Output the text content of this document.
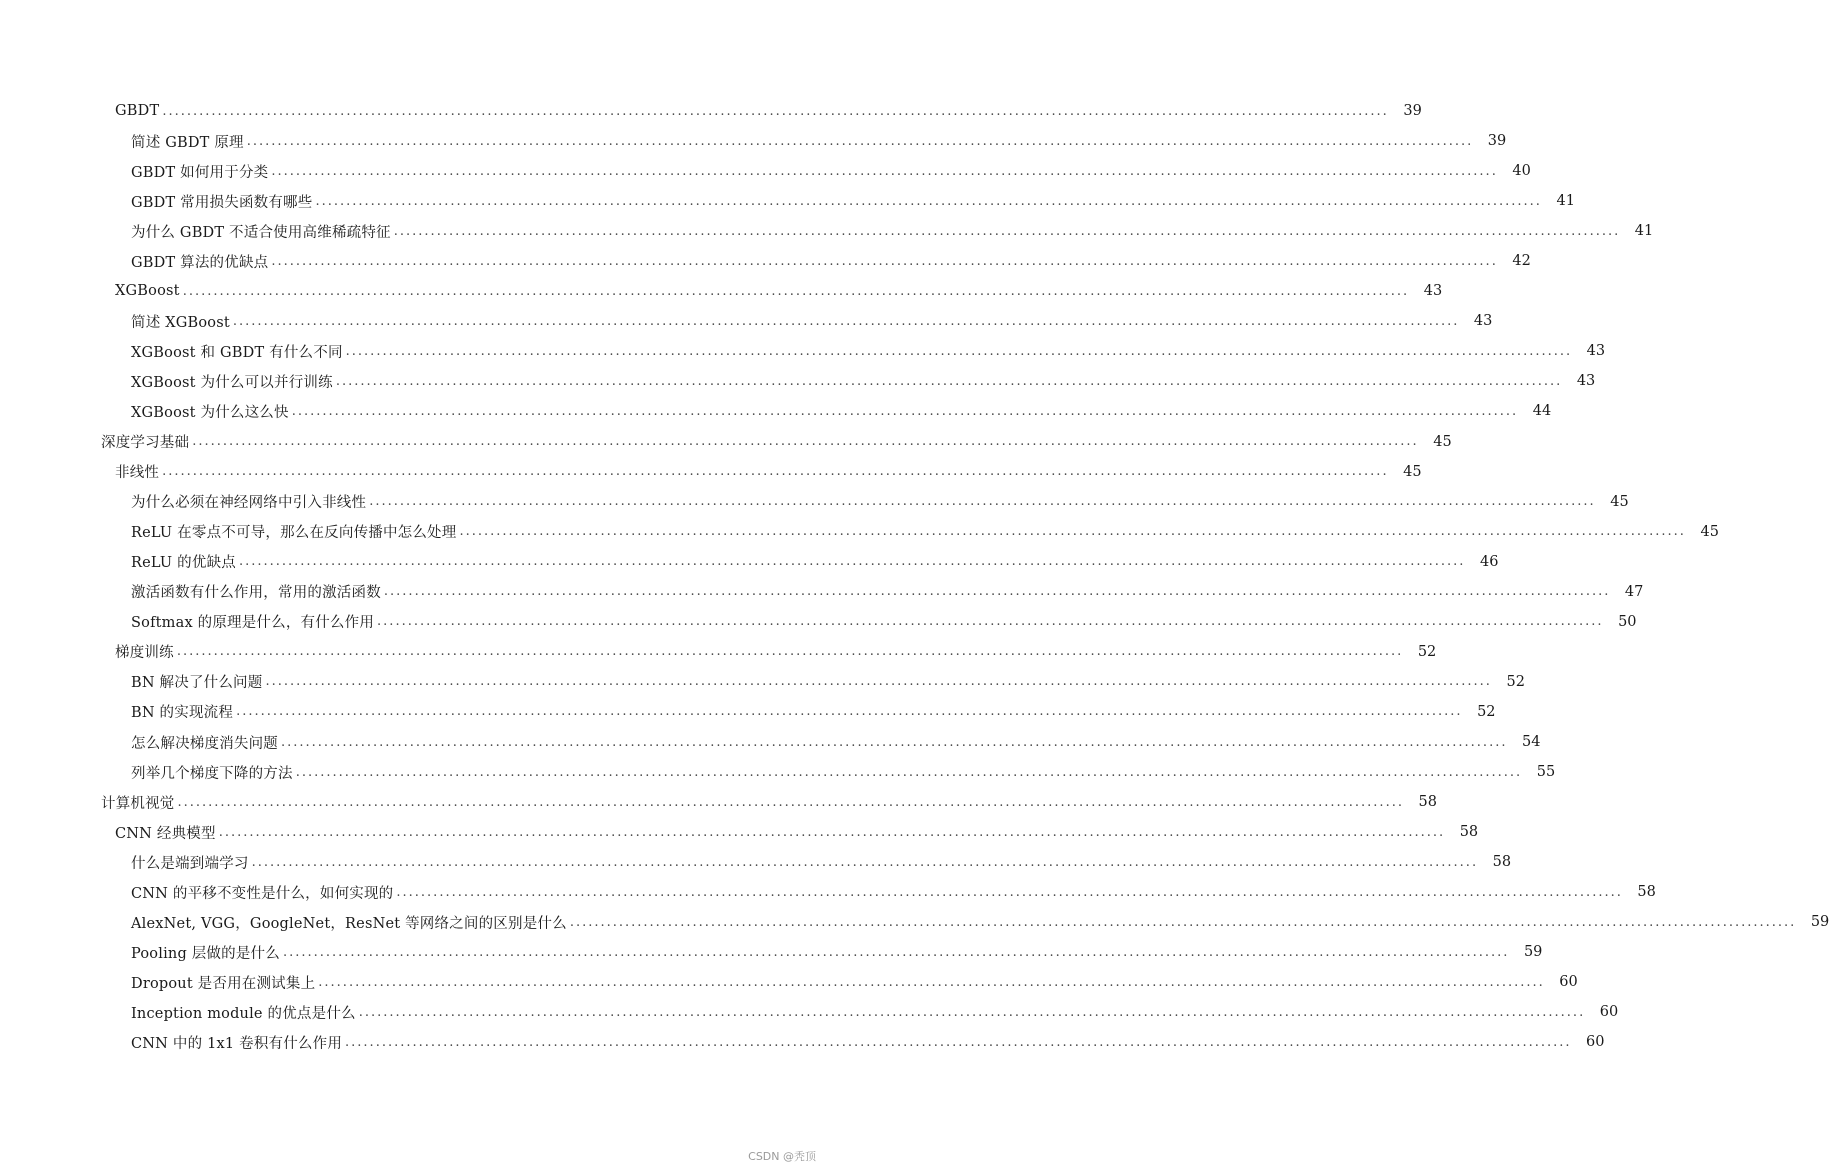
GBDT ........................................................................................................................................................................................................	39
简述 GBDT 原理 ........................................................................................................................................................................................................	39
GBDT 如何用于分类 ........................................................................................................................................................................................................	40
GBDT 常用损失函数有哪些 ........................................................................................................................................................................................................	41
为什么 GBDT 不适合使用高维稀疏特征 ........................................................................................................................................................................................................	41
GBDT 算法的优缺点 ........................................................................................................................................................................................................	42
XGBoost ........................................................................................................................................................................................................	43
简述 XGBoost ........................................................................................................................................................................................................	43
XGBoost 和 GBDT 有什么不同 ........................................................................................................................................................................................................	43
XGBoost 为什么可以并行训练 ........................................................................................................................................................................................................	43
XGBoost 为什么这么快 ........................................................................................................................................................................................................	44
深度学习基础 ........................................................................................................................................................................................................	45
非线性 ........................................................................................................................................................................................................	45
为什么必须在神经网络中引入非线性 ........................................................................................................................................................................................................	45
ReLU 在零点不可导，那么在反向传播中怎么处理 ........................................................................................................................................................................................................	45
ReLU 的优缺点 ........................................................................................................................................................................................................	46
激活函数有什么作用，常用的激活函数 ........................................................................................................................................................................................................	47
Softmax 的原理是什么，有什么作用 ........................................................................................................................................................................................................	50
梯度训练 ........................................................................................................................................................................................................	52
BN 解决了什么问题 ........................................................................................................................................................................................................	52
BN 的实现流程 ........................................................................................................................................................................................................	52
怎么解决梯度消失问题 ........................................................................................................................................................................................................	54
列举几个梯度下降的方法 ........................................................................................................................................................................................................	55
计算机视觉 ........................................................................................................................................................................................................	58
CNN 经典模型 ........................................................................................................................................................................................................	58
什么是端到端学习 ........................................................................................................................................................................................................	58
CNN 的平移不变性是什么，如何实现的 ........................................................................................................................................................................................................	58
AlexNet, VGG，GoogleNet，ResNet 等网络之间的区别是什么 ........................................................................................................................................................................................................	59
Pooling 层做的是什么 ........................................................................................................................................................................................................	59
Dropout 是否用在测试集上 ........................................................................................................................................................................................................	60
Inception module 的优点是什么 ........................................................................................................................................................................................................	60
CNN 中的 1x1 卷积有什么作用 ........................................................................................................................................................................................................	60
CSDN @秃顶
